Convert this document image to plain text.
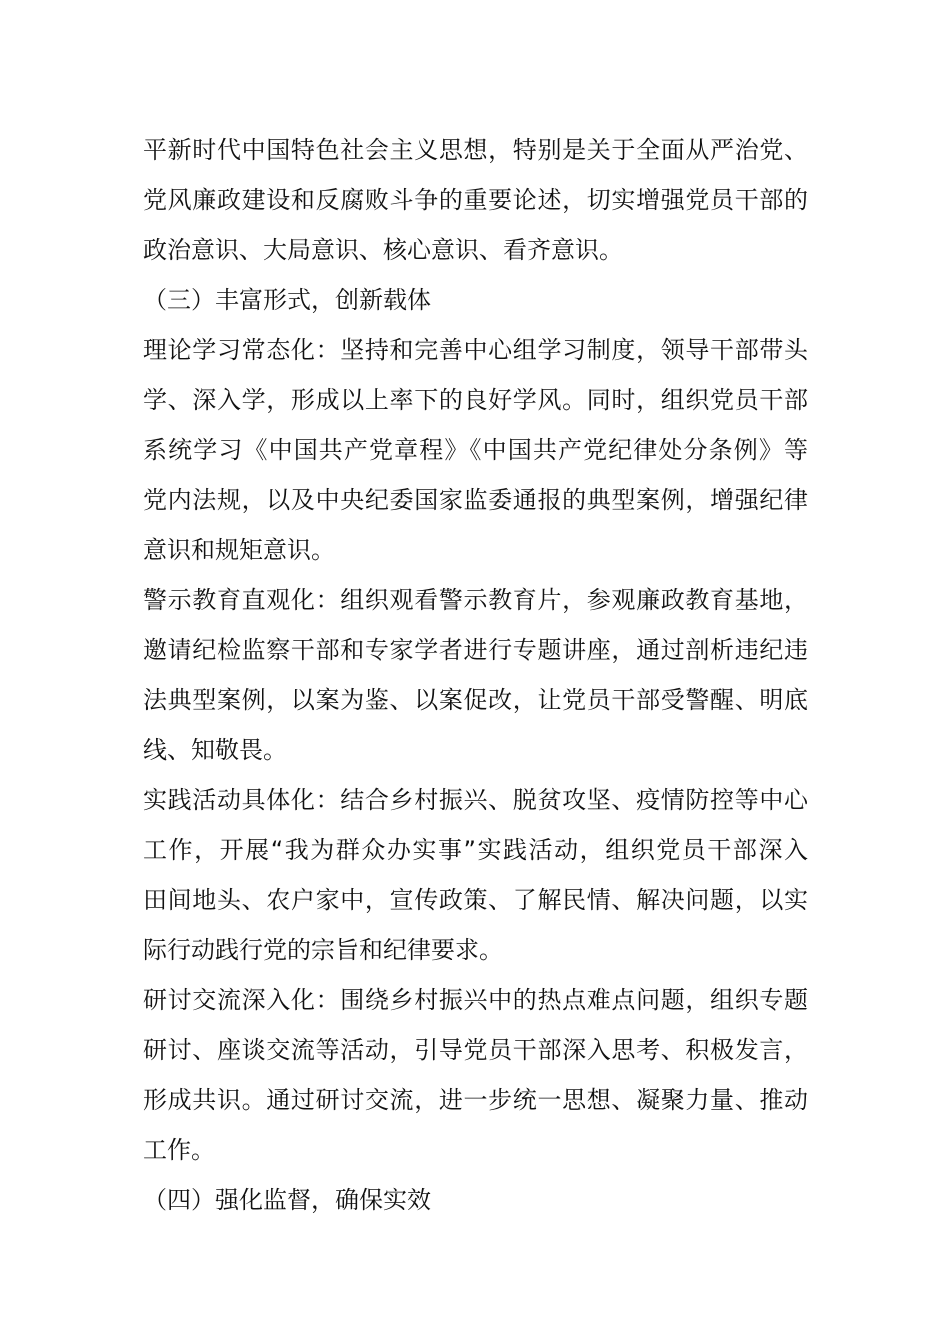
平新时代中国特色社会主义思想，特别是关于全面从严治党、
党风廉政建设和反腐败斗争的重要论述，切实增强党员干部的
政治意识、大局意识、核心意识、看齐意识。
（三）丰富形式，创新载体
理论学习常态化：坚持和完善中心组学习制度，领导干部带头
学、深入学，形成以上率下的良好学风。同时，组织党员干部
系统学习《中国共产党章程》《中国共产党纪律处分条例》等
党内法规，以及中央纪委国家监委通报的典型案例，增强纪律
意识和规矩意识。
警示教育直观化：组织观看警示教育片，参观廉政教育基地，
邀请纪检监察干部和专家学者进行专题讲座，通过剖析违纪违
法典型案例，以案为鉴、以案促改，让党员干部受警醒、明底
线、知敬畏。
实践活动具体化：结合乡村振兴、脱贫攻坚、疫情防控等中心
工作，开展“我为群众办实事”实践活动，组织党员干部深入
田间地头、农户家中，宣传政策、了解民情、解决问题，以实
际行动践行党的宗旨和纪律要求。
研讨交流深入化：围绕乡村振兴中的热点难点问题，组织专题
研讨、座谈交流等活动，引导党员干部深入思考、积极发言，
形成共识。通过研讨交流，进一步统一思想、凝聚力量、推动
工作。
（四）强化监督，确保实效
